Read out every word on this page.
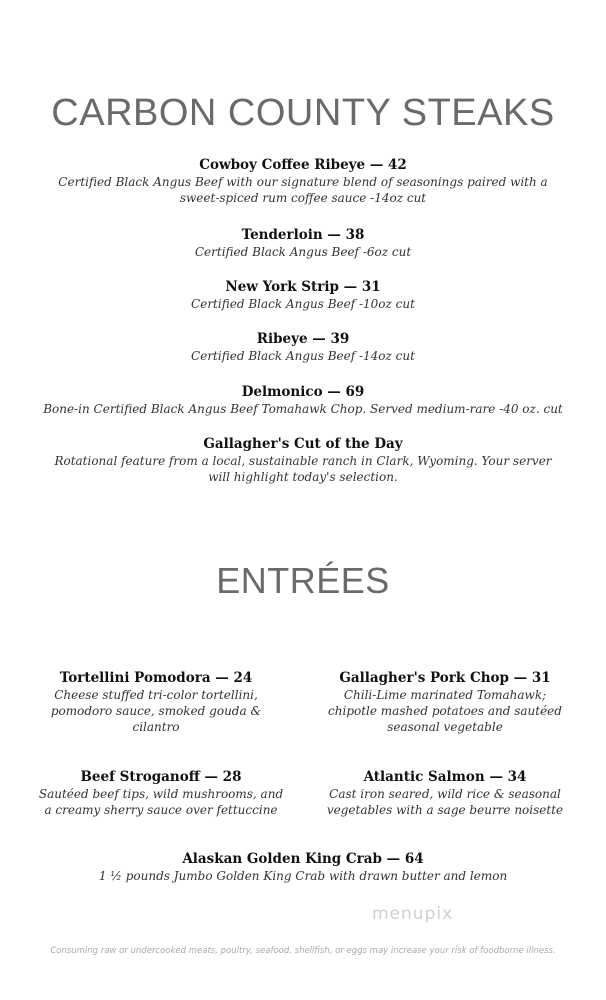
CARBON COUNTY STEAKS
Cowboy Coffee Ribeye — 42
Certified Black Angus Beef with our signature blend of seasonings paired with a sweet-spiced rum coffee sauce -14oz cut
Tenderloin — 38
Certified Black Angus Beef -6oz cut
New York Strip — 31
Certified Black Angus Beef -10oz cut
Ribeye — 39
Certified Black Angus Beef -14oz cut
Delmonico — 69
Bone-in Certified Black Angus Beef Tomahawk Chop. Served medium-rare -40 oz. cut
Gallagher's Cut of the Day
Rotational feature from a local, sustainable ranch in Clark, Wyoming. Your server will highlight today's selection.
ENTRÉES
Tortellini Pomodora — 24
Cheese stuffed tri-color tortellini, pomodoro sauce, smoked gouda & cilantro
Gallagher's Pork Chop — 31
Chili-Lime marinated Tomahawk; chipotle mashed potatoes and sautéed seasonal vegetable
Beef Stroganoff — 28
Sautéed beef tips, wild mushrooms, and a creamy sherry sauce over fettuccine
Atlantic Salmon — 34
Cast iron seared, wild rice & seasonal vegetables with a sage beurre noisette
Alaskan Golden King Crab — 64
1 ½ pounds Jumbo Golden King Crab with drawn butter and lemon
menupix
Consuming raw or undercooked meats, poultry, seafood, shellfish, or eggs may increase your risk of foodborne illness.
